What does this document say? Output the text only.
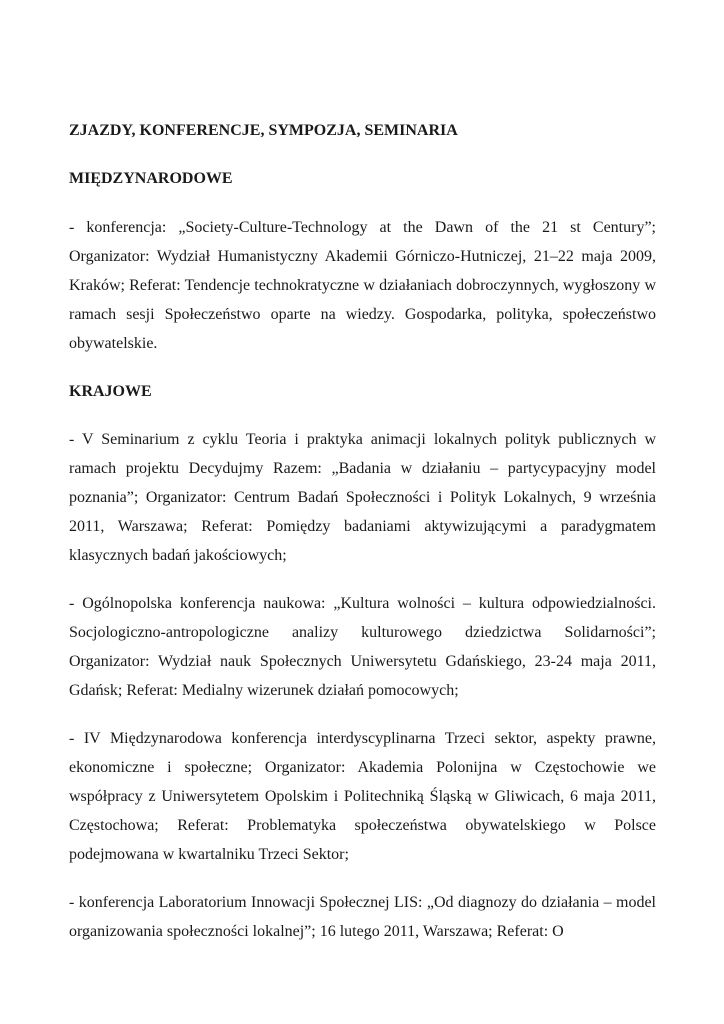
ZJAZDY, KONFERENCJE, SYMPOZJA, SEMINARIA

MIĘDZYNARODOWE

- konferencja: „Society-Culture-Technology at the Dawn of the 21 st Century”; Organizator: Wydział Humanistyczny Akademii Górniczo-Hutniczej, 21–22 maja 2009, Kraków; Referat: Tendencje technokratyczne w działaniach dobroczynnych, wygłoszony w ramach sesji Społeczeństwo oparte na wiedzy. Gospodarka, polityka, społeczeństwo obywatelskie.

KRAJOWE

- V Seminarium z cyklu Teoria i praktyka animacji lokalnych polityk publicznych w ramach projektu Decydujmy Razem: „Badania w działaniu – partycypacyjny model poznania”; Organizator: Centrum Badań Społeczności i Polityk Lokalnych, 9 września 2011, Warszawa; Referat: Pomiędzy badaniami aktywizującymi a paradygmatem klasycznych badań jakościowych;

- Ogólnopolska konferencja naukowa: „Kultura wolności – kultura odpowiedzialności. Socjologiczno-antropologiczne analizy kulturowego dziedzictwa Solidarności”; Organizator: Wydział nauk Społecznych Uniwersytetu Gdańskiego, 23-24 maja 2011, Gdańsk; Referat: Medialny wizerunek działań pomocowych;

- IV Międzynarodowa konferencja interdyscyplinarna Trzeci sektor, aspekty prawne, ekonomiczne i społeczne; Organizator: Akademia Polonijna w Częstochowie we współpracy z Uniwersytetem Opolskim i Politechniką Śląską w Gliwicach, 6 maja 2011, Częstochowa; Referat: Problematyka społeczeństwa obywatelskiego w Polsce podejmowana w kwartalniku Trzeci Sektor;

- konferencja Laboratorium Innowacji Społecznej LIS: „Od diagnozy do działania – model organizowania społeczności lokalnej”; 16 lutego 2011, Warszawa; Referat: O
